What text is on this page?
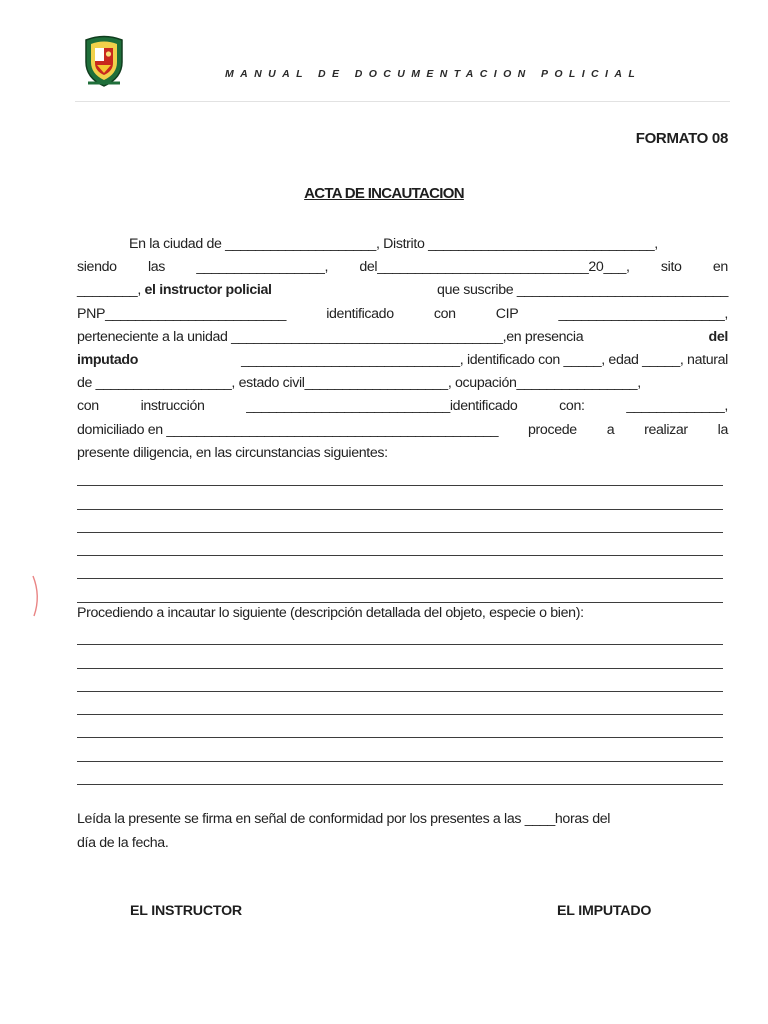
MANUAL DE DOCUMENTACION POLICIAL
FORMATO 08
ACTA DE INCAUTACION
En la ciudad de ____________________, Distrito ______________________________,
siendo las _________________, del____________________________20___, sito en
________, el instructor policial	que suscribe ____________________________
PNP________________________	identificado	con	CIP	______________________,
perteneciente a la unidad ____________________________________,en presencia	del
imputado	_____________________________, identificado con _____, edad _____, natural
de __________________, estado civil___________________, ocupación________________,
con	instrucción	___________________________identificado	con:	_____________,
domiciliado en ____________________________________________ procede a realizar la
presente diligencia, en las circunstancias siguientes:
Procediendo a incautar lo siguiente (descripción detallada del objeto, especie o bien):
Leída la presente se firma en señal de conformidad por los presentes a las ____horas del
día de la fecha.
EL INSTRUCTOR	EL IMPUTADO
